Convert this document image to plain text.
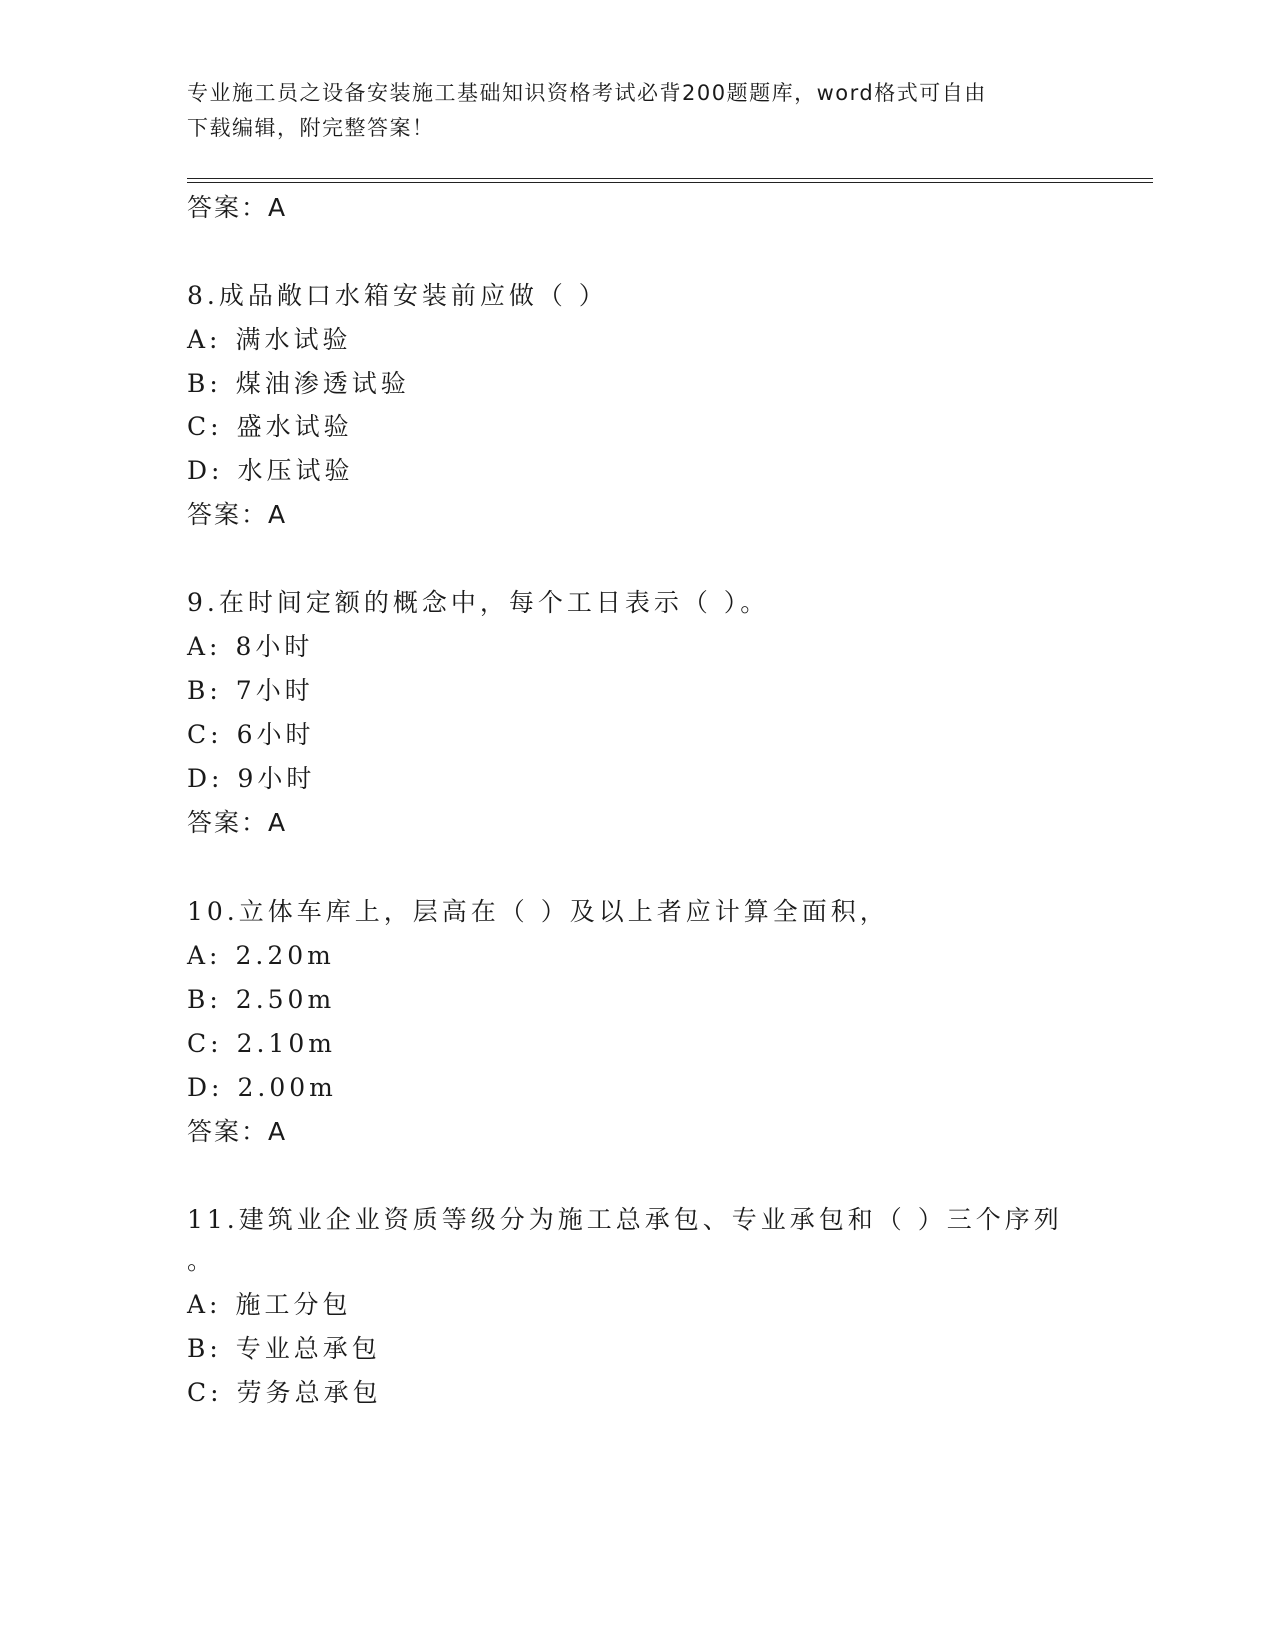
专业施工员之设备安装施工基础知识资格考试必背200题题库，word格式可自由
下载编辑，附完整答案！
答案：A
8.成品敞口水箱安装前应做（ ）
A: 满水试验
B: 煤油渗透试验
C: 盛水试验
D: 水压试验
答案：A
9.在时间定额的概念中，每个工日表示（ ）。
A: 8小时
B: 7小时
C: 6小时
D: 9小时
答案：A
10.立体车库上，层高在（ ）及以上者应计算全面积，
A: 2.20m
B: 2.50m
C: 2.10m
D: 2.00m
答案：A
11.建筑业企业资质等级分为施工总承包、专业承包和（ ）三个序列
。
A: 施工分包
B: 专业总承包
C: 劳务总承包
